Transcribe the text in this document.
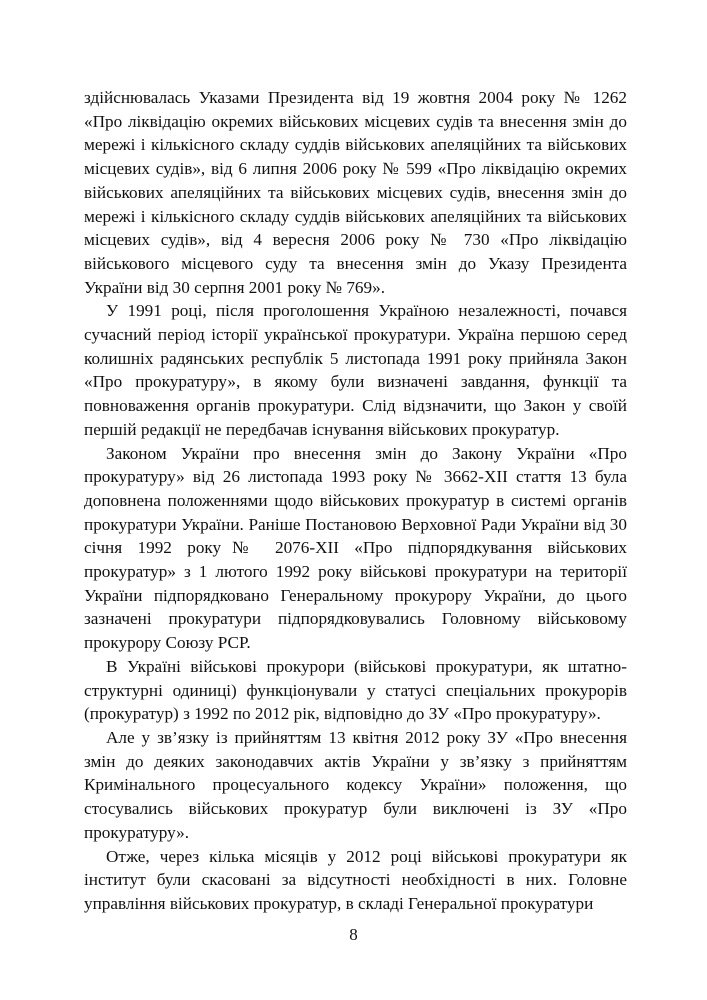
здійснювалась Указами Президента від 19 жовтня 2004 року № 1262 «Про ліквідацію окремих військових місцевих судів та внесення змін до мережі і кількісного складу суддів військових апеляційних та військових місцевих судів», від 6 липня 2006 року № 599 «Про ліквідацію окремих військових апеляційних та військових місцевих судів, внесення змін до мережі і кількісного складу суддів військових апеляційних та військових місцевих судів», від 4 вересня 2006 року № 730 «Про ліквідацію військового місцевого суду та внесення змін до Указу Президента України від 30 серпня 2001 року № 769».

У 1991 році, після проголошення Україною незалежності, почався сучасний період історії української прокуратури. Україна першою серед колишніх радянських республік 5 листопада 1991 року прийняла Закон «Про прокуратуру», в якому були визначені завдання, функції та повноваження органів прокуратури. Слід відзначити, що Закон у своїй першій редакції не передбачав існування військових прокуратур.

Законом України про внесення змін до Закону України «Про прокуратуру» від 26 листопада 1993 року № 3662-XII стаття 13 була доповнена положеннями щодо військових прокуратур в системі органів прокуратури України. Раніше Постановою Верховної Ради України від 30 січня 1992 року№ 2076-XII «Про підпорядкування військових прокуратур» з 1 лютого 1992 року військові прокуратури на території України підпорядковано Генеральному прокурору України, до цього зазначені прокуратури підпорядковувались Головному військовому прокурору Союзу РСР.

В Україні військові прокурори (військові прокуратури, як штатно-структурні одиниці) функціонували у статусі спеціальних прокурорів (прокуратур) з 1992 по 2012 рік, відповідно до ЗУ «Про прокуратуру».

Але у зв’язку із прийняттям 13 квітня 2012 року ЗУ «Про внесення змін до деяких законодавчих актів України у зв’язку з прийняттям Кримінального процесуального кодексу України» положення, що стосувались військових прокуратур були виключені із ЗУ «Про прокуратуру».

Отже, через кілька місяців у 2012 році військові прокуратури як інститут були скасовані за відсутності необхідності в них. Головне управління військових прокуратур, в складі Генеральної прокуратури

8
